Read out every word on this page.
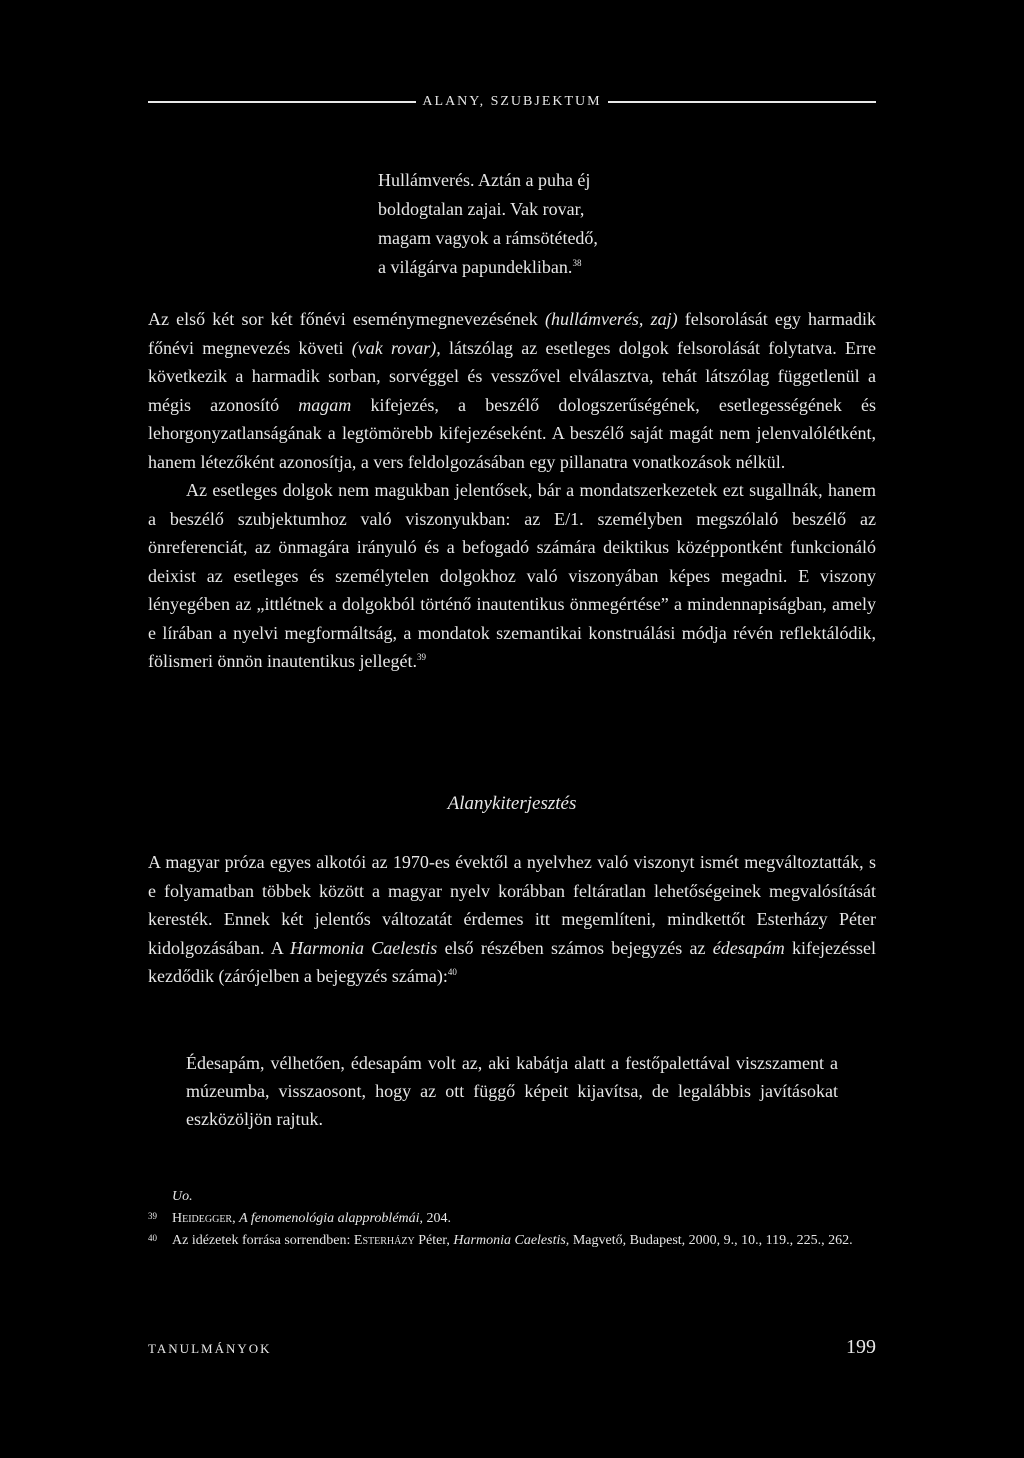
ALANY, SZUBJEKTUM
Hullámverés. Aztán a puha éj
boldogtalan zajai. Vak rovar,
magam vagyok a rámsötétedő,
a világárva papundekliban.$^{38}$

Az első két sor két főnévi eseménymegnevezésének (hullámverés, zaj) felsorolását egy harmadik főnévi megnevezés követi (vak rovar), látszólag az esetleges dolgok felsorolását folytatva. Erre következik a harmadik sorban, sorvéggel és vesszővel elválasztva, tehát látszólag függetlenül a mégis azonosító magam kifejezés, a beszélő dologszerűségének, esetlegességének és lehorgonyzatlanságának a legtömörebb kifejezéseként. A beszélő saját magát nem jelenvalólétként, hanem létezőként azonosítja, a vers feldolgozásában egy pillanatra vonatkozások nélkül.

Az esetleges dolgok nem magukban jelentősek, bár a mondatszerkezetek ezt sugallnák, hanem a beszélő szubjektumhoz való viszonyukban: az E/1. személyben megszólaló beszélő az önreferenciát, az önmagára irányuló és a befogadó számára deiktikus középpontként funkcionáló deixist az esetleges és személytelen dolgokhoz való viszonyában képes megadni. E viszony lényegében az „ittlétnek a dolgokból történő inautentikus önmegértése” a mindennapiságban, amely e lírában a nyelvi megformáltság, a mondatok szemantikai konstruálási módja révén reflektálódik, fölismeri önnön inautentikus jellegét.$^{39}$

Alanykiterjesztés

A magyar próza egyes alkotói az 1970-es évektől a nyelvhez való viszonyt ismét megváltoztatták, s e folyamatban többek között a magyar nyelv korábban feltáratlan lehetőségeinek megvalósítását keresték. Ennek két jelentős változatát érdemes itt megemlíteni, mindkettőt Esterházy Péter kidolgozásában. A Harmonia Caelestis első részében számos bejegyzés az édesapám kifejezéssel kezdődik (zárójelben a bejegyzés száma):$^{40}$

Édesapám, vélhetően, édesapám volt az, aki kabátja alatt a festőpalettával viszszament a múzeumba, visszaosont, hogy az ott függő képeit kijavítsa, de legalábbis javításokat eszközöljön rajtuk.
Uo.
39	Heidegger, A fenomenológia alapproblémái, 204.
40	Az idézetek forrása sorrendben: Esterházy Péter, Harmonia Caelestis, Magvető, Budapest, 2000, 9., 10., 119., 225., 262.
TANULMÁNYOK	199
